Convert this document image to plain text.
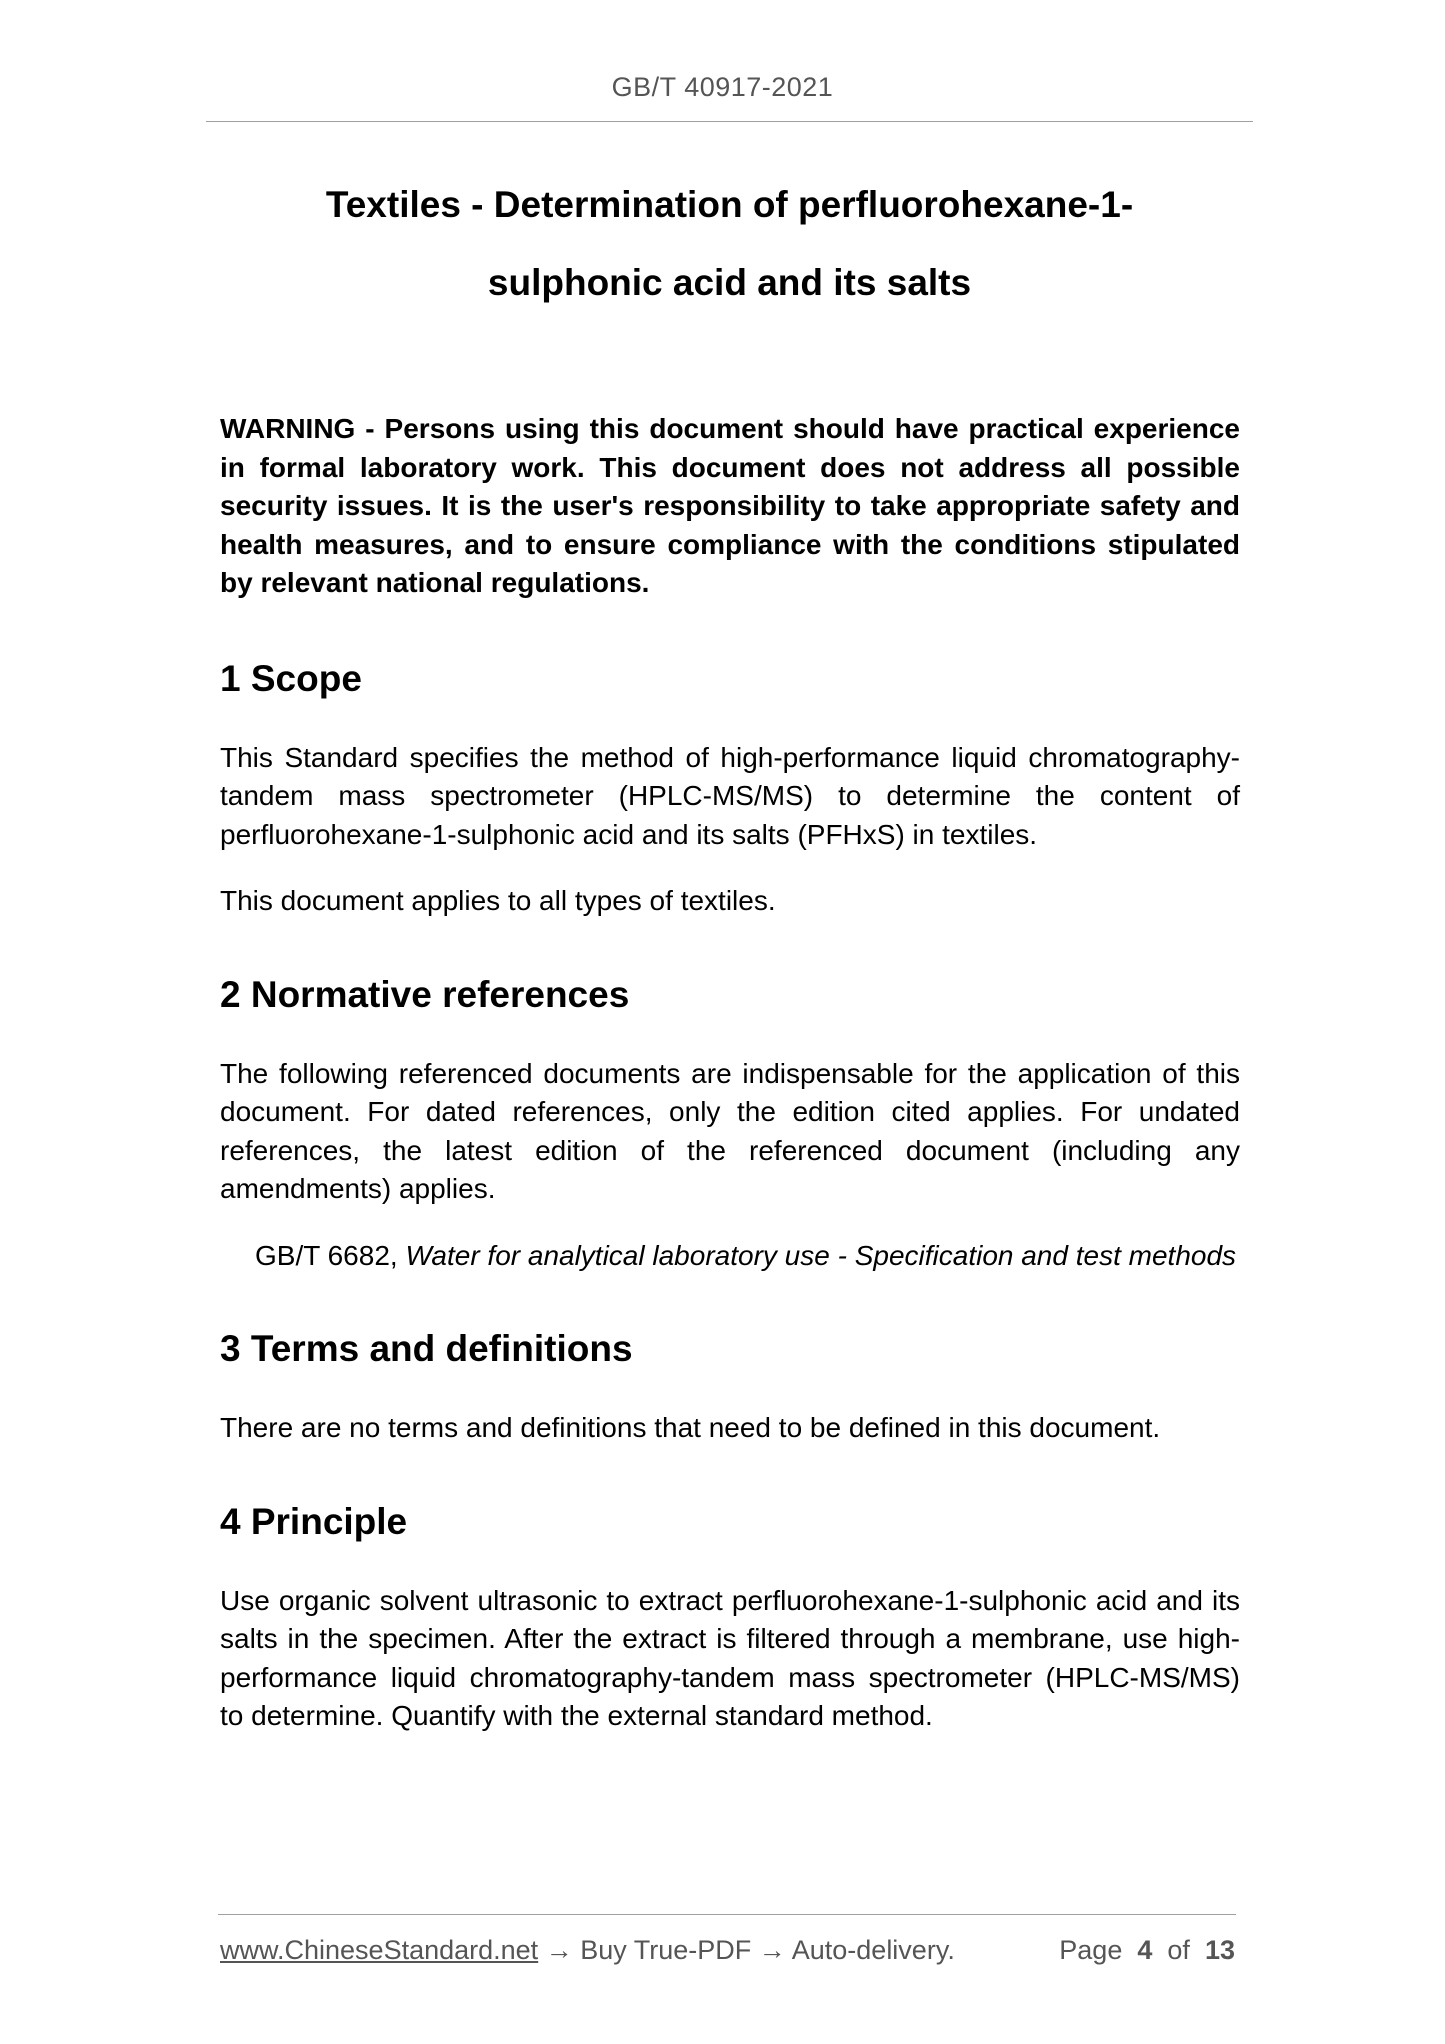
GB/T 40917-2021
Textiles - Determination of perfluorohexane-1-
sulphonic acid and its salts

WARNING - Persons using this document should have practical experience in formal laboratory work. This document does not address all possible security issues. It is the user's responsibility to take appropriate safety and health measures, and to ensure compliance with the conditions stipulated by relevant national regulations.

1 Scope

This Standard specifies the method of high-performance liquid chromatography-tandem mass spectrometer (HPLC-MS/MS) to determine the content of perfluorohexane-1-sulphonic acid and its salts (PFHxS) in textiles.

This document applies to all types of textiles.

2 Normative references

The following referenced documents are indispensable for the application of this document. For dated references, only the edition cited applies. For undated references, the latest edition of the referenced document (including any amendments) applies.

GB/T 6682, Water for analytical laboratory use - Specification and test methods

3 Terms and definitions

There are no terms and definitions that need to be defined in this document.

4 Principle

Use organic solvent ultrasonic to extract perfluorohexane-1-sulphonic acid and its salts in the specimen. After the extract is filtered through a membrane, use high-performance liquid chromatography-tandem mass spectrometer (HPLC-MS/MS) to determine. Quantify with the external standard method.

www.ChineseStandard.net → Buy True-PDF → Auto-delivery.	Page 4 of 13
